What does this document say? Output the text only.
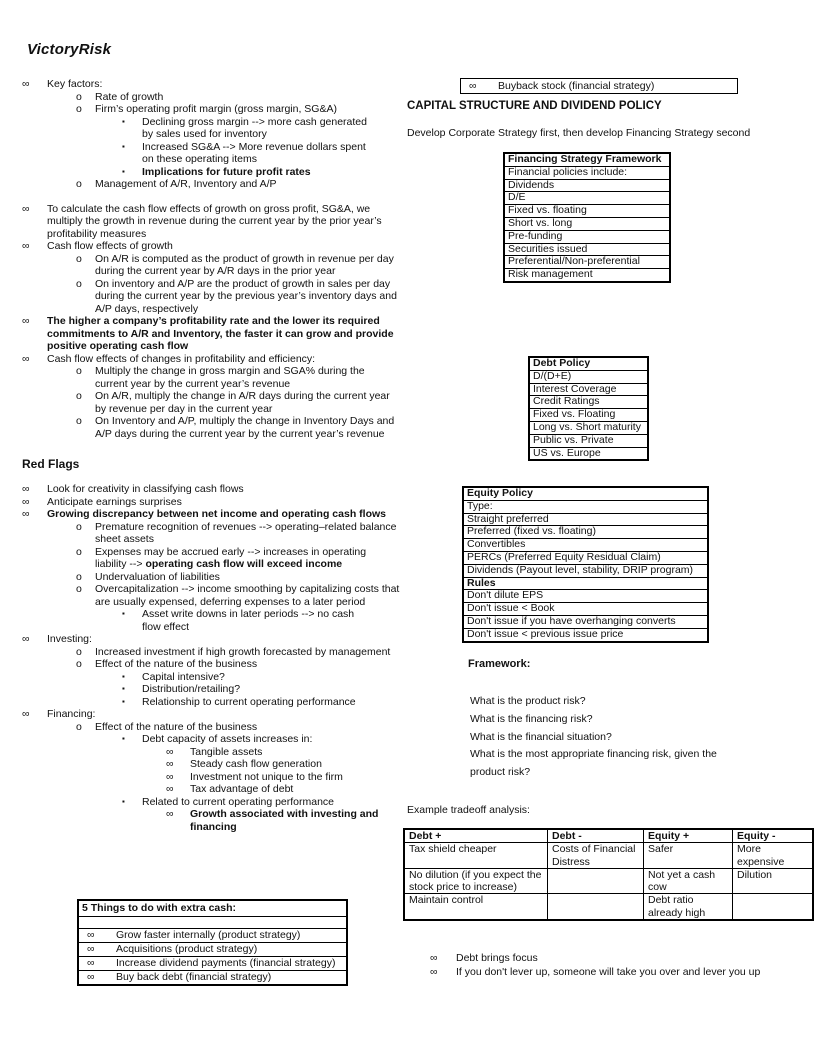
VictoryRisk
∞	Key factors:
o	Rate of growth
o	Firm’s operating profit margin (gross margin, SG&A)
▪	Declining gross margin --> more cash generated by sales used for inventory
▪	Increased SG&A --> More revenue dollars spent on these operating items
▪	Implications for future profit rates
o	Management of A/R, Inventory and A/P
∞	To calculate the cash flow effects of growth on gross profit, SG&A, we multiply the growth in revenue during the current year by the prior year’s profitability measures
∞	Cash flow effects of growth
o	On A/R is computed as the product of growth in revenue per day during the current year by A/R days in the prior year
o	On inventory and A/P are the product of growth in sales per day during the current year by the previous year’s inventory days and A/P days, respectively
∞	The higher a company’s profitability rate and the lower its required commitments to A/R and Inventory, the faster it can grow and provide positive operating cash flow
∞	Cash flow effects of changes in profitability and efficiency:
o	Multiply the change in gross margin and SGA% during the current year by the current year’s revenue
o	On A/R, multiply the change in A/R days during the current year by revenue per day in the current year
o	On Inventory and A/P, multiply the change in Inventory Days and A/P days during the current year by the current year’s revenue
Red Flags
∞	Look for creativity in classifying cash flows
∞	Anticipate earnings surprises
∞	Growing discrepancy between net income and operating cash flows
o	Premature recognition of revenues --> operating–related balance sheet assets
o	Expenses may be accrued early --> increases in operating liability --> operating cash flow will exceed income
o	Undervaluation of liabilities
o	Overcapitalization --> income smoothing by capitalizing costs that are usually expensed, deferring expenses to a later period
▪	Asset write downs in later periods --> no cash flow effect
∞	Investing:
o	Increased investment if high growth forecasted by management
o	Effect of the nature of the business
▪	Capital intensive?
▪	Distribution/retailing?
▪	Relationship to current operating performance
∞	Financing:
o	Effect of the nature of the business
▪	Debt capacity of assets increases in:
∞	Tangible assets
∞	Steady cash flow generation
∞	Investment not unique to the firm
∞	Tax advantage of debt
▪	Related to current operating performance
∞	Growth associated with investing and financing
5 Things to do with extra cash:
∞	Grow faster internally (product strategy)
∞	Acquisitions (product strategy)
∞	Increase dividend payments (financial strategy)
∞	Buy back debt (financial strategy)
∞	Buyback stock (financial strategy)
CAPITAL STRUCTURE AND DIVIDEND POLICY
Develop Corporate Strategy first, then develop Financing Strategy second
Financing Strategy Framework
Financial policies include:
Dividends
D/E
Fixed vs. floating
Short vs. long
Pre-funding
Securities issued
Preferential/Non-preferential
Risk management
Debt Policy
D/(D+E)
Interest Coverage
Credit Ratings
Fixed vs. Floating
Long vs. Short maturity
Public vs. Private
US vs. Europe
Equity Policy
Type:
Straight preferred
Preferred (fixed vs. floating)
Convertibles
PERCs (Preferred Equity Residual Claim)
Dividends (Payout level, stability, DRIP program)
Rules
Don't dilute EPS
Don't issue < Book
Don't issue if you have overhanging converts
Don't issue < previous issue price
Framework:
What is the product risk?
What is the financing risk?
What is the financial situation?
What is the most appropriate financing risk, given the product risk?
Example tradeoff analysis:
Debt +	Debt -	Equity +	Equity -
Tax shield cheaper	Costs of Financial Distress	Safer	More expensive
No dilution (if you expect the stock price to increase)		Not yet a cash cow	Dilution
Maintain control		Debt ratio already high	
∞	Debt brings focus
∞	If you don't lever up, someone will take you over and lever you up
